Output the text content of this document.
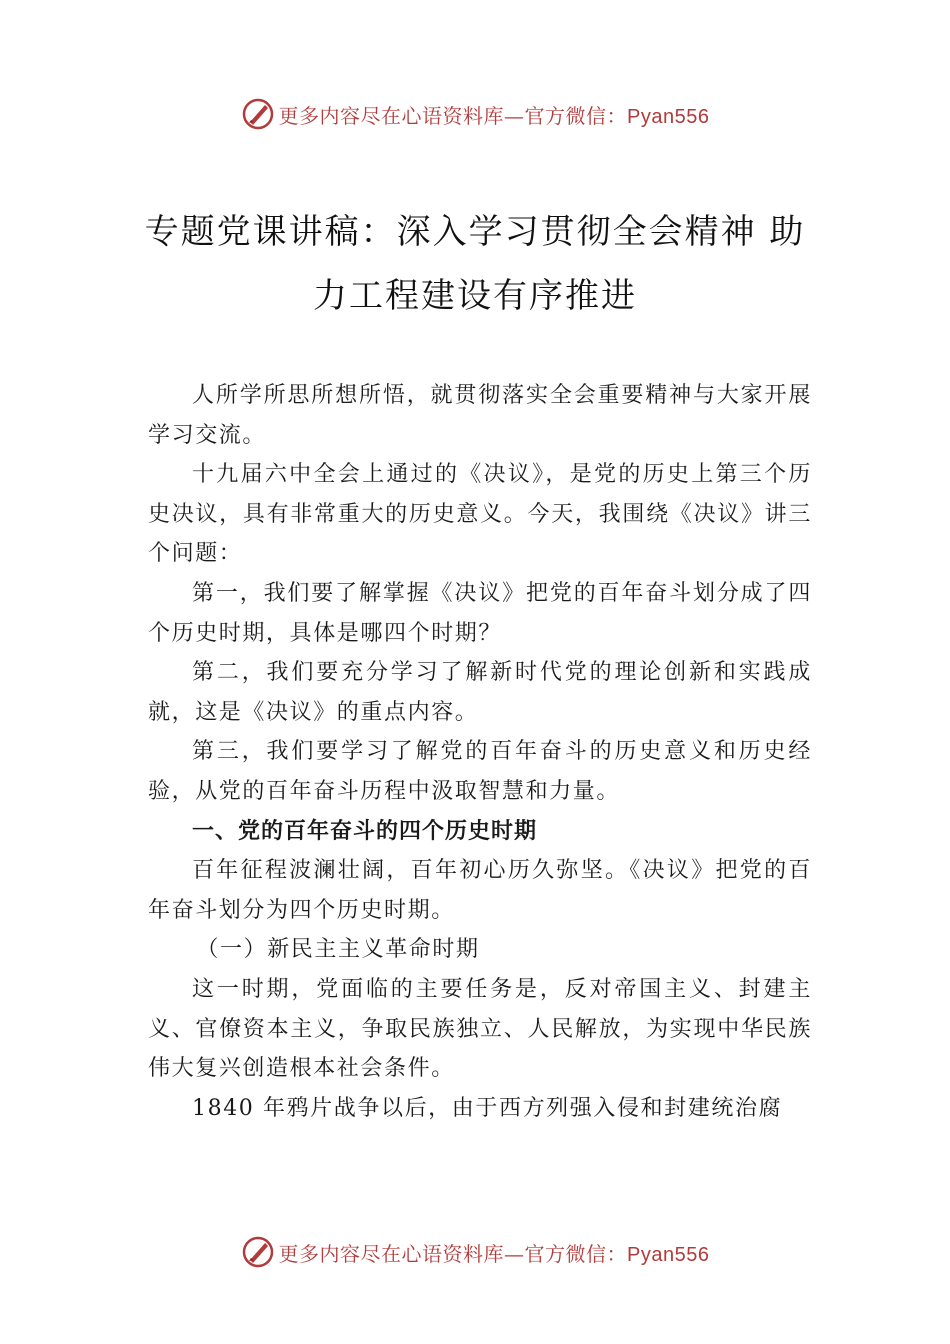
更多内容尽在心语资料库—官方微信：Pyan556
专题党课讲稿：深入学习贯彻全会精神 助
力工程建设有序推进

人所学所思所想所悟，就贯彻落实全会重要精神与大家开展学习交流。

十九届六中全会上通过的《决议》，是党的历史上第三个历史决议，具有非常重大的历史意义。今天，我围绕《决议》讲三个问题：

第一，我们要了解掌握《决议》把党的百年奋斗划分成了四个历史时期，具体是哪四个时期？

第二，我们要充分学习了解新时代党的理论创新和实践成就，这是《决议》的重点内容。

第三，我们要学习了解党的百年奋斗的历史意义和历史经验，从党的百年奋斗历程中汲取智慧和力量。

一、党的百年奋斗的四个历史时期

百年征程波澜壮阔，百年初心历久弥坚。《决议》把党的百年奋斗划分为四个历史时期。

（一）新民主主义革命时期

这一时期，党面临的主要任务是，反对帝国主义、封建主义、官僚资本主义，争取民族独立、人民解放，为实现中华民族伟大复兴创造根本社会条件。

1840 年鸦片战争以后，由于西方列强入侵和封建统治腐

更多内容尽在心语资料库—官方微信：Pyan556
